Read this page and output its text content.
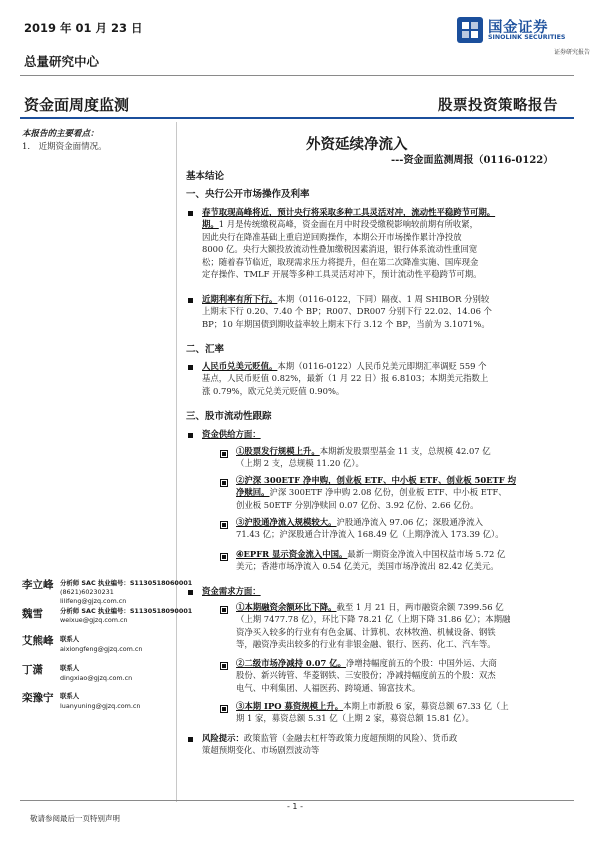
2019 年 01 月 23 日	国金证券
SINOLINK SECURITIES
证券研究报告
总量研究中心
资金面周度监测	股票投资策略报告
本报告的主要看点：
1.　近期资金面情况。
李立峰 分析师 SAC 执业编号：S1130518060001
(8621)60230231
lilifeng@gjzq.com.cn
魏雪	分析师 SAC 执业编号：S1130518090001
weixue@gjzq.com.cn
艾熊峰 联系人
aixiongfeng@gjzq.com.cn
丁潇	联系人
dingxiao@gjzq.com.cn
栾豫宁 联系人
luanyuning@gjzq.com.cn
外资延续净流入
---资金面监测周报（0116-0122）
基本结论
一、央行公开市场操作及利率
春节取现高峰将近，预计央行将采取多种工具灵活对冲，流动性平稳跨节可期。
期。1 月是传统缴税高峰，资金面在月中时段受缴税影响较前期有所收紧，
因此央行在降准基础上重启逆回购操作，本期公开市场操作累计净投放
8000 亿。央行大额投放流动性叠加缴税因素消退，银行体系流动性重回宽
松；随着春节临近，取现需求压力将提升，但在第二次降准实施、国库现金
定存操作、TMLF 开展等多种工具灵活对冲下，预计流动性平稳跨节可期。
近期利率有所下行。本期（0116-0122，下同）隔夜、1 周 SHIBOR 分别较
上期末下行 0.20、7.40 个 BP；R007、DR007 分别下行 22.02、14.06 个
BP；10 年期国债到期收益率较上期末下行 3.12 个 BP，当前为 3.1071%。
二、汇率
人民币兑美元贬值。本期（0116-0122）人民币兑美元即期汇率调贬 559 个
基点，人民币贬值 0.82%，最新（1 月 22 日）报 6.8103；本期美元指数上
涨 0.79%，欧元兑美元贬值 0.90%。
三、股市流动性跟踪
资金供给方面：
①股票发行规模上升。本期新发股票型基金 11 支，总规模 42.07 亿
（上期 2 支，总规模 11.20 亿）。
②沪深 300ETF 净申购，创业板 ETF、中小板 ETF、创业板 50ETF 均
净赎回。沪深 300ETF 净申购 2.08 亿份，创业板 ETF、中小板 ETF、
创业板 50ETF 分别净赎回 0.07 亿份、3.92 亿份、2.66 亿份。
③沪股通净流入规模较大。沪股通净流入 97.06 亿；深股通净流入
71.43 亿；沪深股通合计净流入 168.49 亿（上期净流入 173.39 亿）。
④EPFR 显示资金流入中国。最新一期资金净流入中国权益市场 5.72 亿
美元；香港市场净流入 0.54 亿美元，美国市场净流出 82.42 亿美元。
资金需求方面：
①本期融资余额环比下降。截至 1 月 21 日，两市融资余额 7399.56 亿
（上期 7477.78 亿），环比下降 78.21 亿（上期下降 31.86 亿）；本期融
资净买入较多的行业有有色金属、计算机、农林牧渔、机械设备、钢铁
等，融资净卖出较多的行业有非银金融、银行、医药、化工、汽车等。
②二级市场净减持 0.07 亿。净增持幅度前五的个股：中国外运、大商
股份、新兴铸管、华菱钢铁、三安股份；净减持幅度前五的个股：双杰
电气、中利集团、人福医药、跨境通、锦富技术。
③本期 IPO 募资规模上升。本期上市新股 6 家，募资总额 67.33 亿（上
期 1 家，募资总额 5.31 亿（上期 2 家，募资总额 15.81 亿）。
风险提示：政策监管（金融去杠杆等政策力度超预期的风险）、货币政
策超预期变化、市场剧烈波动等
- 1 -
敬请参阅最后一页特别声明
